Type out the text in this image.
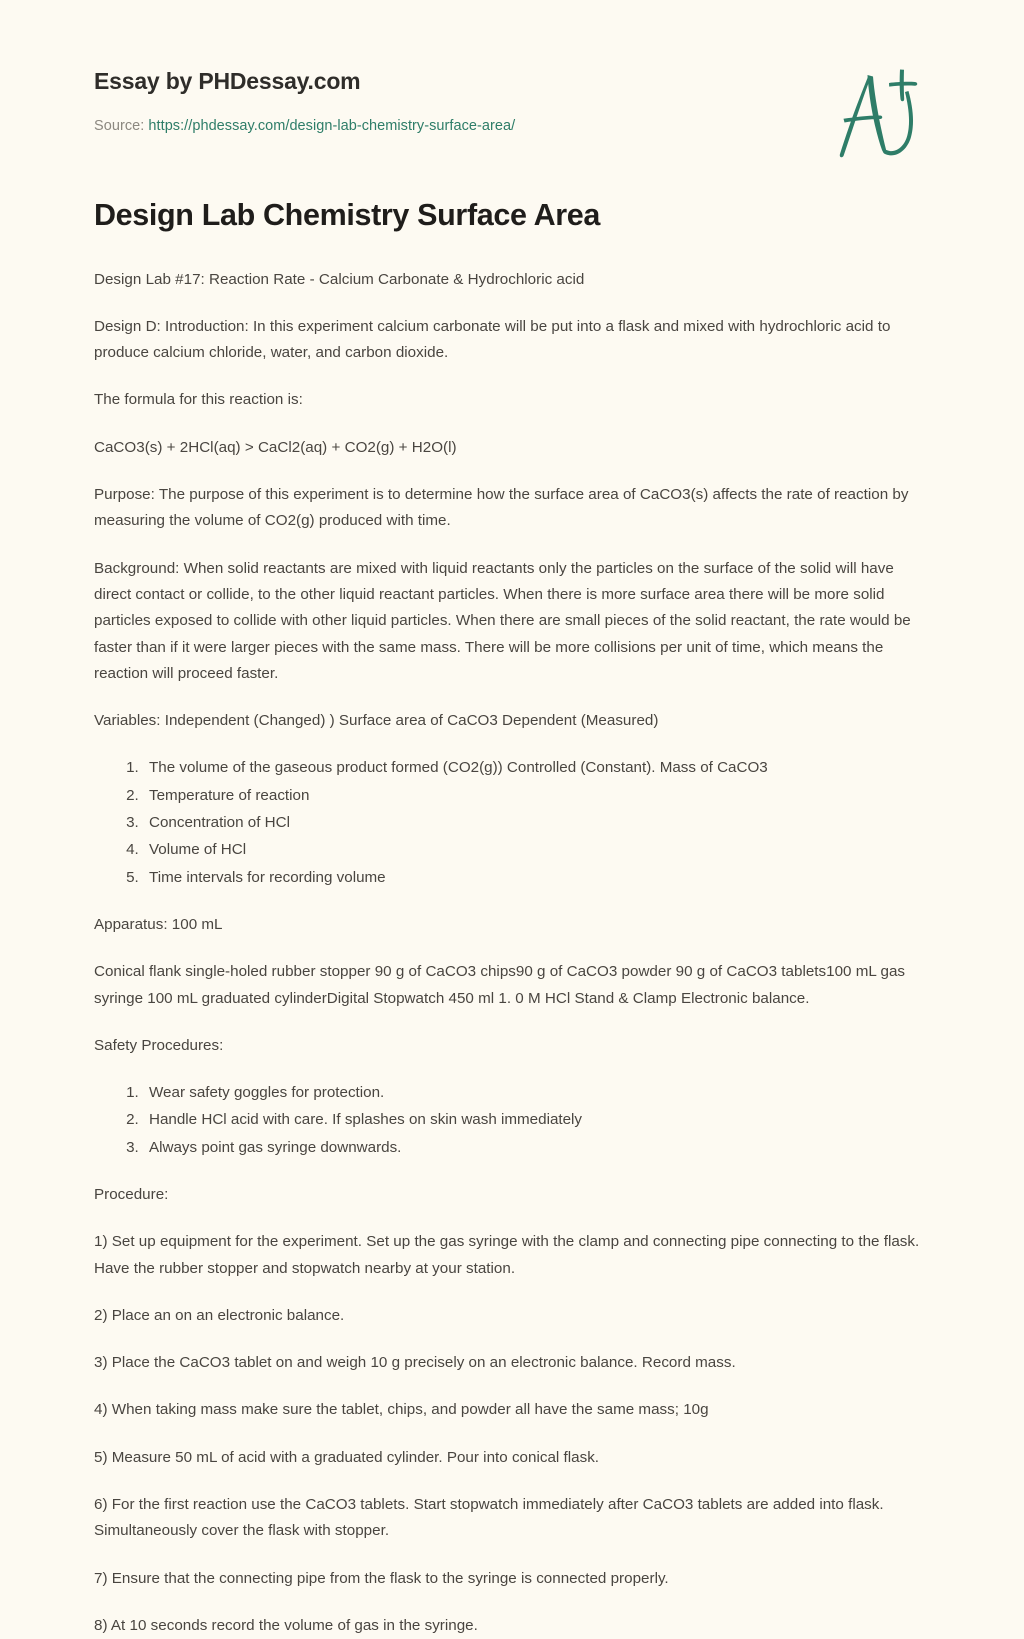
Essay by PHDessay.com
Source: https://phdessay.com/design-lab-chemistry-surface-area/
Design Lab Chemistry Surface Area

Design Lab #17: Reaction Rate - Calcium Carbonate & Hydrochloric acid

Design D: Introduction: In this experiment calcium carbonate will be put into a flask and mixed with hydrochloric acid to produce calcium chloride, water, and carbon dioxide.

The formula for this reaction is:

CaCO3(s) + 2HCl(aq) > CaCl2(aq) + CO2(g) + H2O(l)

Purpose: The purpose of this experiment is to determine how the surface area of CaCO3(s) affects the rate of reaction by measuring the volume of CO2(g) produced with time.

Background: When solid reactants are mixed with liquid reactants only the particles on the surface of the solid will have direct contact or collide, to the other liquid reactant particles. When there is more surface area there will be more solid particles exposed to collide with other liquid particles. When there are small pieces of the solid reactant, the rate would be faster than if it were larger pieces with the same mass. There will be more collisions per unit of time, which means the reaction will proceed faster.

Variables: Independent (Changed) ) Surface area of CaCO3 Dependent (Measured)

1. The volume of the gaseous product formed (CO2(g)) Controlled (Constant). Mass of CaCO3
2. Temperature of reaction
3. Concentration of HCl
4. Volume of HCl
5. Time intervals for recording volume

Apparatus: 100 mL

Conical flank single-holed rubber stopper 90 g of CaCO3 chips90 g of CaCO3 powder 90 g of CaCO3 tablets100 mL gas syringe 100 mL graduated cylinderDigital Stopwatch 450 ml 1. 0 M HCl Stand & Clamp Electronic balance.

Safety Procedures:

1. Wear safety goggles for protection.
2. Handle HCl acid with care. If splashes on skin wash immediately
3. Always point gas syringe downwards.

Procedure:

1) Set up equipment for the experiment. Set up the gas syringe with the clamp and connecting pipe connecting to the flask. Have the rubber stopper and stopwatch nearby at your station.

2) Place an on an electronic balance.

3) Place the CaCO3 tablet on and weigh 10 g precisely on an electronic balance. Record mass.

4) When taking mass make sure the tablet, chips, and powder all have the same mass; 10g

5) Measure 50 mL of acid with a graduated cylinder. Pour into conical flask.

6) For the first reaction use the CaCO3 tablets. Start stopwatch immediately after CaCO3 tablets are added into flask. Simultaneously cover the flask with stopper.

7) Ensure that the connecting pipe from the flask to the syringe is connected properly.

8) At 10 seconds record the volume of gas in the syringe.
